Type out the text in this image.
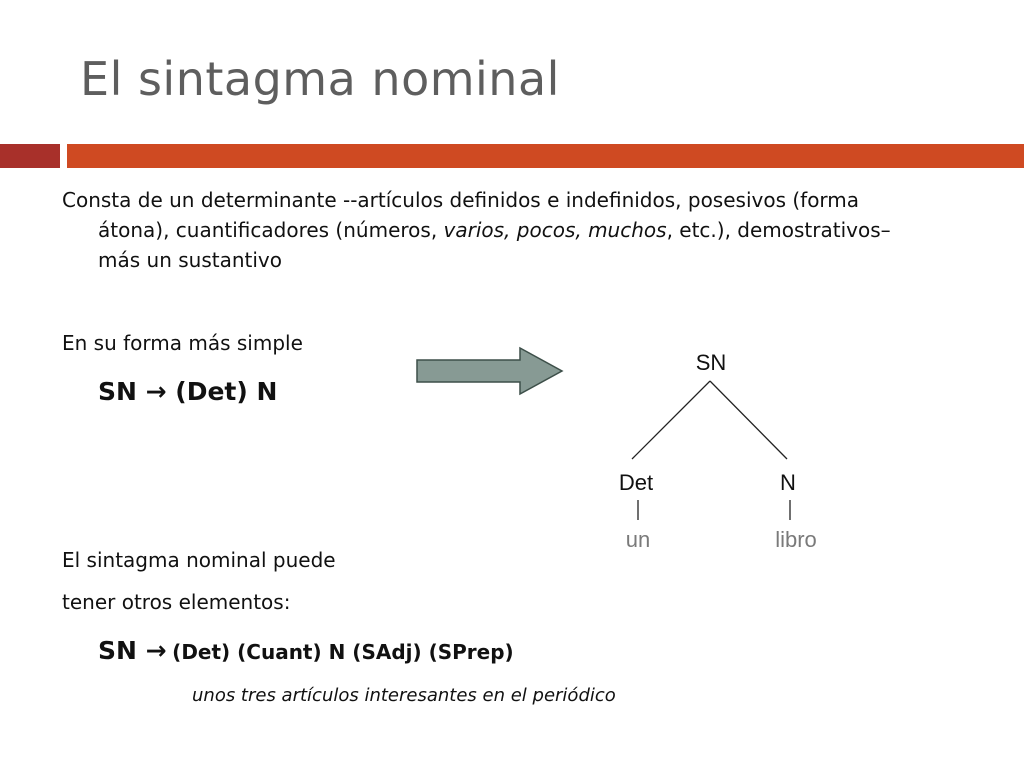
El sintagma nominal
Consta de un determinante --artículos definidos e indefinidos, posesivos (forma
átona), cuantificadores (números, varios, pocos, muchos, etc.), demostrativos–
más un sustantivo
En su forma más simple
SN → (Det) N
SN
Det	N
un	libro
El sintagma nominal puede
tener otros elementos:
SN → (Det) (Cuant) N (SAdj) (SPrep)
unos tres artículos interesantes en el periódico
